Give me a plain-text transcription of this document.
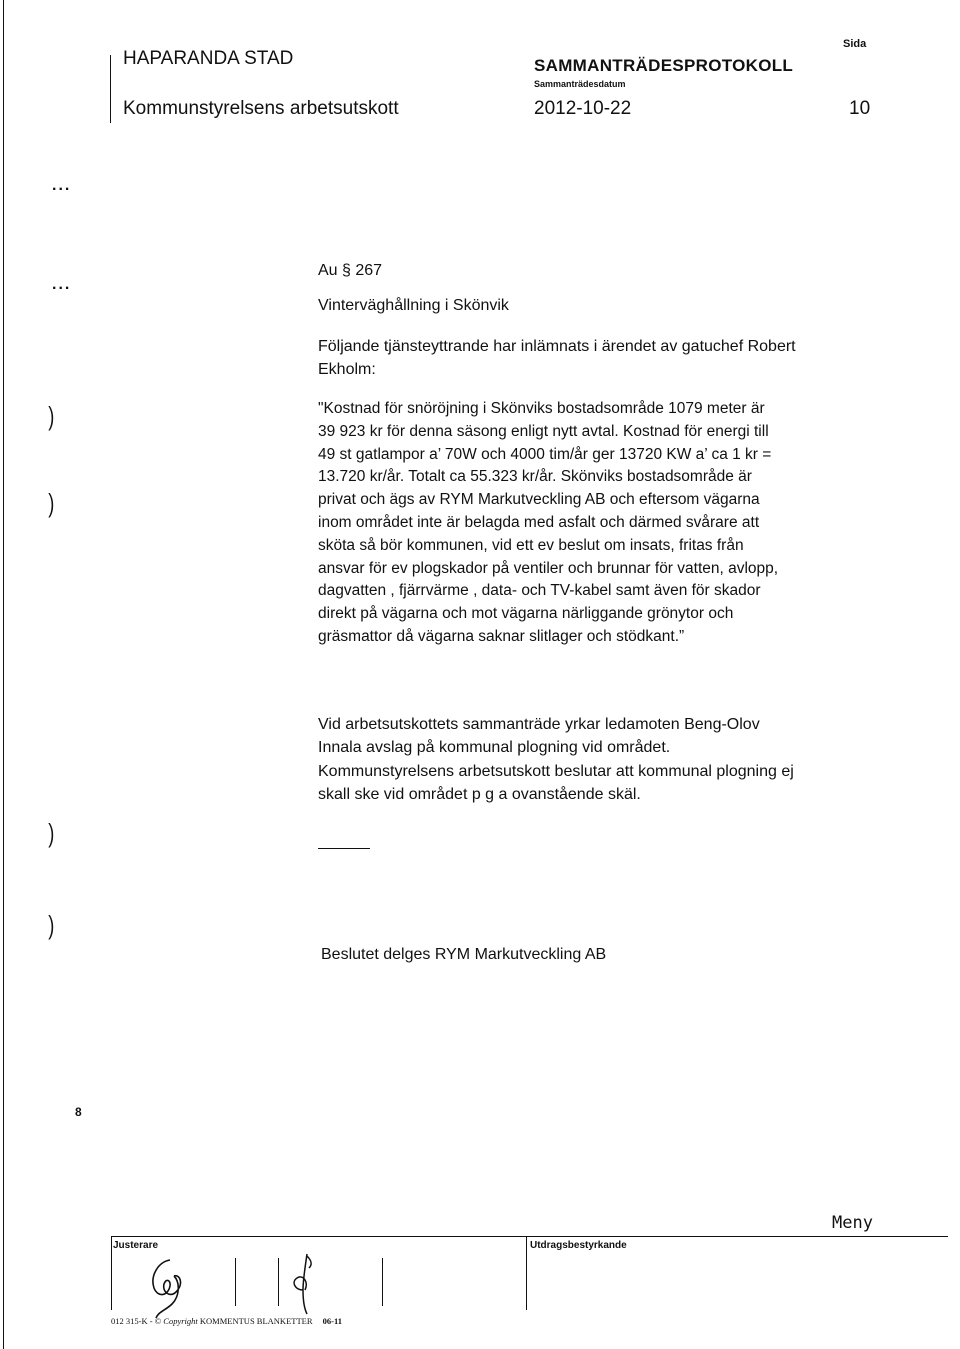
HAPARANDA STAD
Kommunstyrelsens arbetsutskott
SAMMANTRÄDESPROTOKOLL
Sammanträdesdatum
2012-10-22
Sida
10
...
...
)
)
)
)
8
Au § 267
Vinterväghållning i Skönvik
Följande tjänsteyttrande har inlämnats i ärendet av gatuchef Robert
Ekholm:

"Kostnad för snöröjning i Skönviks bostadsområde 1079 meter är

39 923 kr för denna säsong enligt nytt avtal. Kostnad för energi till

49 st gatlampor a’ 70W och 4000 tim/år ger 13720 KW a’ ca 1 kr =

13.720 kr/år. Totalt ca 55.323 kr/år. Skönviks bostadsområde är

privat och ägs av RYM Markutveckling AB och eftersom vägarna

inom området inte är belagda med asfalt och därmed svårare att

sköta så bör kommunen, vid ett ev beslut om insats, fritas från

ansvar för ev plogskador på ventiler och brunnar för vatten, avlopp,

dagvatten , fjärrvärme , data- och TV-kabel samt även för skador

direkt på vägarna och mot vägarna närliggande grönytor och

gräsmattor då vägarna saknar slitlager och stödkant.”

Vid arbetsutskottets sammanträde yrkar ledamoten Beng-Olov

Innala avslag på kommunal plogning vid området.

Kommunstyrelsens arbetsutskott beslutar att kommunal plogning ej

skall ske vid området p g a ovanstående skäl.

Beslutet delges RYM Markutveckling AB
Justerare	Utdragsbestyrkande
Meny
012 315-K - © Copyright KOMMENTUS BLANKETTER 06-11
